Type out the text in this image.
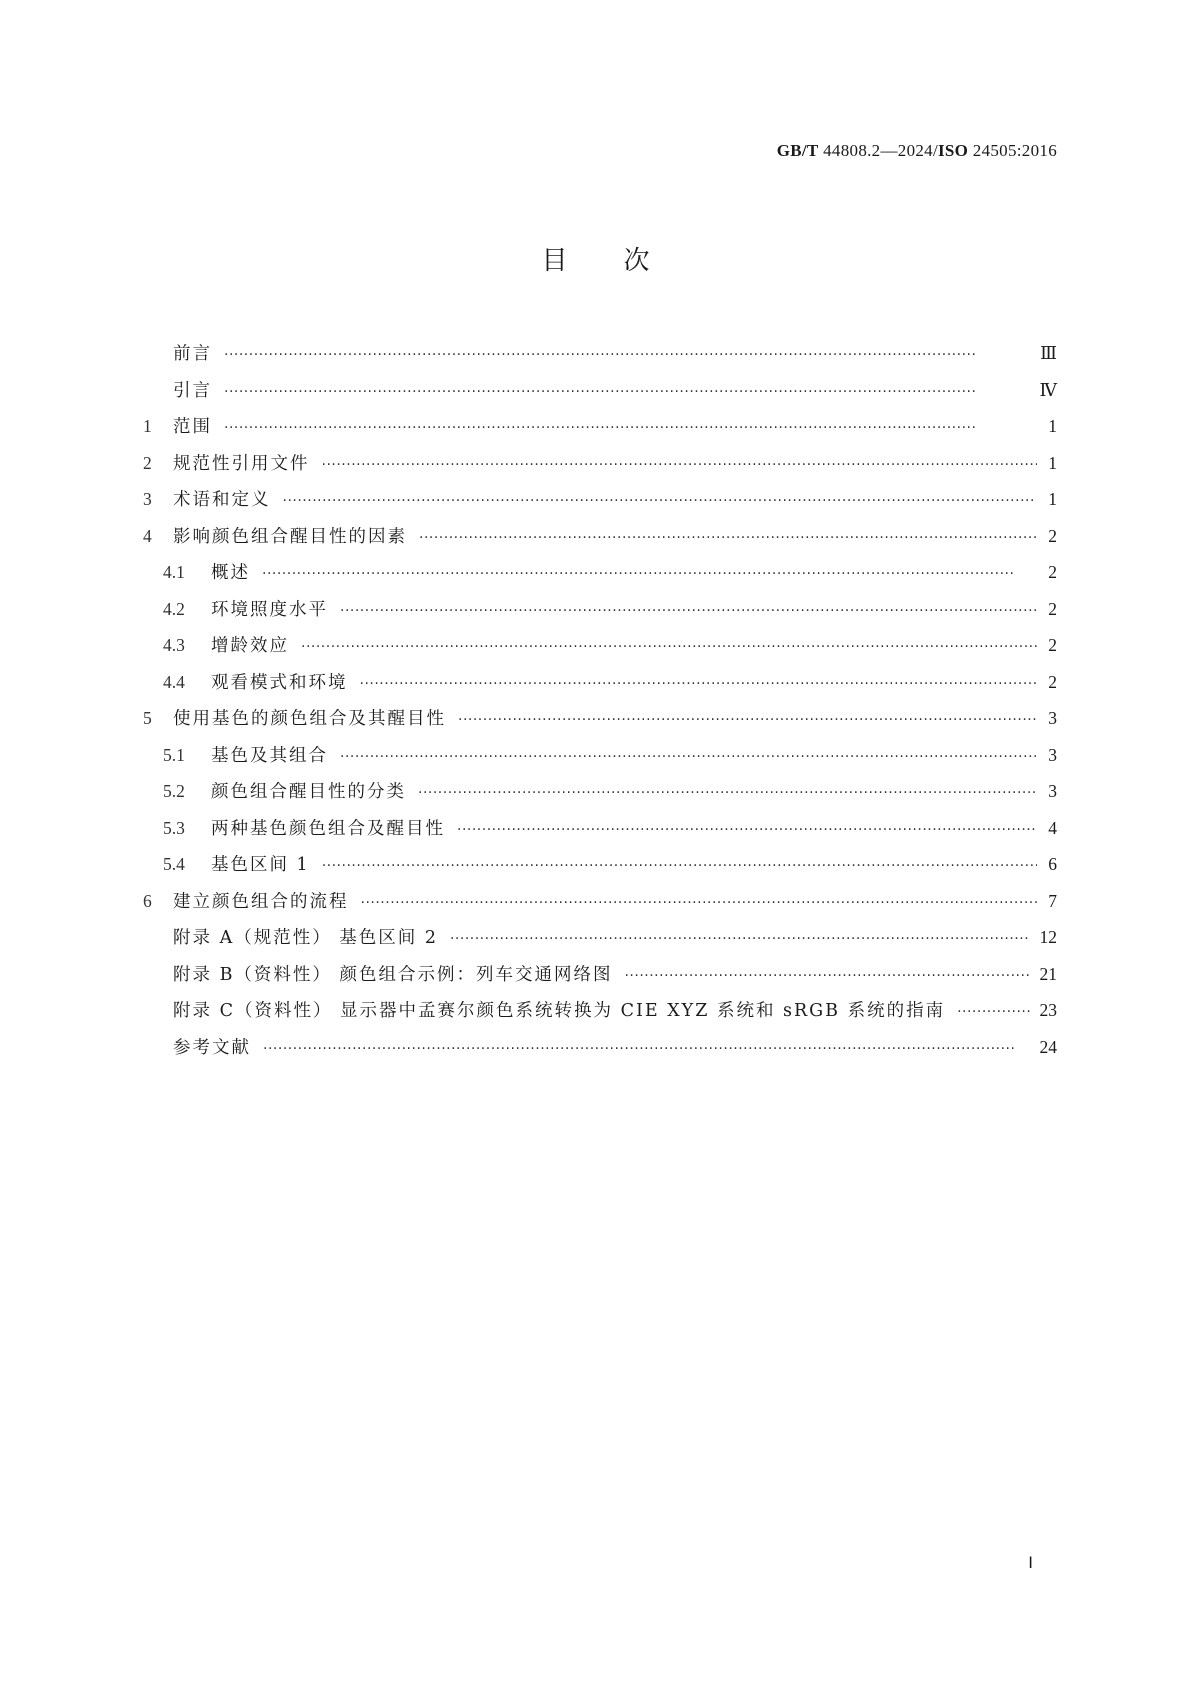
GB/T 44808.2—2024/ISO 24505:2016
目次
前言 ·····	Ⅲ
引言 ·····	Ⅳ
1	范围 ·····	1
2	规范性引用文件 ·····	1
3	术语和定义 ·····	1
4	影响颜色组合醒目性的因素 ·····	2
4.1	概述 ·····	2
4.2	环境照度水平 ·····	2
4.3	增龄效应 ·····	2
4.4	观看模式和环境 ·····	2
5	使用基色的颜色组合及其醒目性 ·····	3
5.1	基色及其组合 ·····	3
5.2	颜色组合醒目性的分类 ·····	3
5.3	两种基色颜色组合及醒目性 ·····	4
5.4	基色区间 1 ·····	6
6	建立颜色组合的流程 ·····	7
附录 A（规范性） 基色区间 2 ·····	12
附录 B（资料性） 颜色组合示例：列车交通网络图 ·····	21
附录 C（资料性） 显示器中孟赛尔颜色系统转换为 CIE XYZ 系统和 sRGB 系统的指南 ·····	23
参考文献 ·····	24
Ⅰ
